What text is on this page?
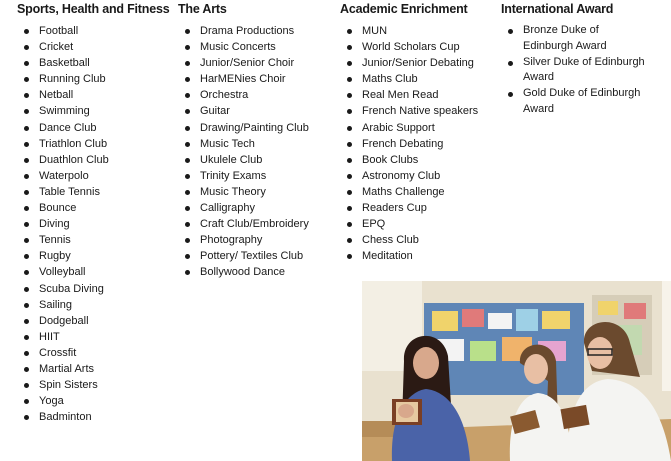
Sports, Health and Fitness
Football
Cricket
Basketball
Running Club
Netball
Swimming
Dance Club
Triathlon Club
Duathlon Club
Waterpolo
Table Tennis
Bounce
Diving
Tennis
Rugby
Volleyball
Scuba Diving
Sailing
Dodgeball
HIIT
Crossfit
Martial Arts
Spin Sisters
Yoga
Badminton
The Arts
Drama Productions
Music Concerts
Junior/Senior Choir
HarMENies Choir
Orchestra
Guitar
Drawing/Painting Club
Music Tech
Ukulele Club
Trinity Exams
Music Theory
Calligraphy
Craft Club/Embroidery
Photography
Pottery/ Textiles Club
Bollywood Dance
Academic Enrichment
MUN
World Scholars Cup
Junior/Senior Debating
Maths Club
Real Men Read
French Native speakers
Arabic Support
French Debating
Book Clubs
Astronomy Club
Maths Challenge
Readers Cup
EPQ
Chess Club
Meditation
International Award
Bronze Duke of Edinburgh Award
Silver Duke of Edinburgh Award
Gold Duke of Edinburgh Award
